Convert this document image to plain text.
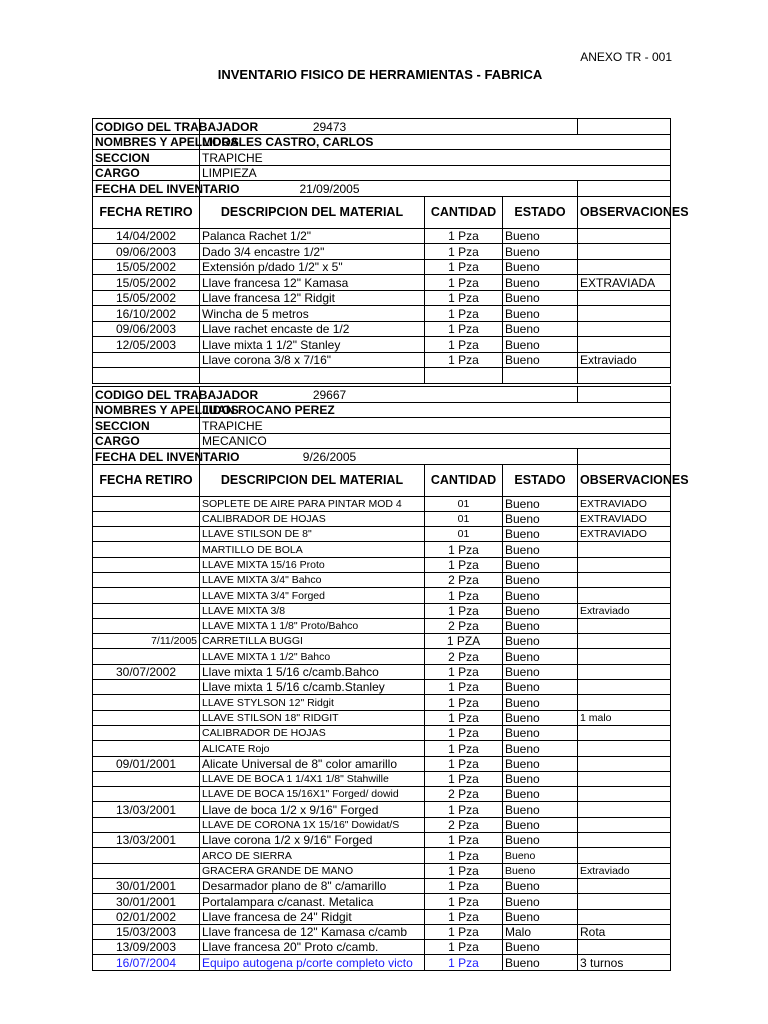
ANEXO TR - 001
INVENTARIO FISICO DE HERRAMIENTAS - FABRICA
CODIGO DEL TRABAJADOR	29473			
NOMBRES Y APELLIDOS	MORALES CASTRO, CARLOS			
SECCION	TRAPICHE			
CARGO	LIMPIEZA			
FECHA DEL INVENTARIO	21/09/2005			
FECHA RETIRO	DESCRIPCION DEL MATERIAL	CANTIDAD	ESTADO	OBSERVACIONES
14/04/2002	Palanca Rachet 1/2"	1 Pza	Bueno	
09/06/2003	Dado 3/4 encastre 1/2"	1 Pza	Bueno	
15/05/2002	Extensión p/dado 1/2" x 5"	1 Pza	Bueno	
15/05/2002	Llave francesa 12" Kamasa	1 Pza	Bueno	EXTRAVIADA
15/05/2002	Llave francesa 12" Ridgit	1 Pza	Bueno	
16/10/2002	Wincha de 5 metros	1 Pza	Bueno	
09/06/2003	Llave rachet encaste de 1/2	1 Pza	Bueno	
12/05/2003	Llave mixta 1 1/2" Stanley	1 Pza	Bueno	
	Llave corona 3/8 x 7/16"	1 Pza	Bueno	Extraviado

CODIGO DEL TRABAJADOR	29667			
NOMBRES Y APELLIDOS	JUAN ROCANO PEREZ			
SECCION	TRAPICHE			
CARGO	MECANICO			
FECHA DEL INVENTARIO	9/26/2005			
FECHA RETIRO	DESCRIPCION DEL MATERIAL	CANTIDAD	ESTADO	OBSERVACIONES
	SOPLETE DE AIRE PARA PINTAR MOD 4	01	Bueno	EXTRAVIADO
	CALIBRADOR DE HOJAS	01	Bueno	EXTRAVIADO
	LLAVE STILSON DE 8"	01	Bueno	EXTRAVIADO
	MARTILLO DE BOLA	1 Pza	Bueno	
	LLAVE MIXTA 15/16 Proto	1 Pza	Bueno	
	LLAVE MIXTA 3/4" Bahco	2 Pza	Bueno	
	LLAVE MIXTA 3/4" Forged	1 Pza	Bueno	
	LLAVE MIXTA 3/8	1 Pza	Bueno	Extraviado
	LLAVE MIXTA 1 1/8" Proto/Bahco	2 Pza	Bueno	
7/11/2005	CARRETILLA BUGGI	1 PZA	Bueno	
	LLAVE MIXTA 1 1/2" Bahco	2 Pza	Bueno	
30/07/2002	Llave mixta 1 5/16 c/camb.Bahco	1 Pza	Bueno	
	Llave mixta 1 5/16 c/camb.Stanley	1 Pza	Bueno	
	LLAVE STYLSON 12" Ridgit	1 Pza	Bueno	
	LLAVE STILSON 18" RIDGIT	1 Pza	Bueno	1 malo
	CALIBRADOR DE HOJAS	1 Pza	Bueno	
	ALICATE Rojo	1 Pza	Bueno	
09/01/2001	Alicate Universal de 8" color amarillo	1 Pza	Bueno	
	LLAVE DE BOCA 1 1/4X1 1/8" Stahwille	1 Pza	Bueno	
	LLAVE DE BOCA 15/16X1" Forged/ dowid	2 Pza	Bueno	
13/03/2001	Llave de boca 1/2 x 9/16" Forged	1 Pza	Bueno	
	LLAVE DE CORONA 1X 15/16" Dowidat/S	2 Pza	Bueno	
13/03/2001	Llave corona 1/2 x 9/16" Forged	1 Pza	Bueno	
	ARCO DE SIERRA	1 Pza	Bueno	
	GRACERA GRANDE DE MANO	1 Pza	Bueno	Extraviado
30/01/2001	Desarmador plano de 8" c/amarillo	1 Pza	Bueno	
30/01/2001	Portalampara c/canast. Metalica	1 Pza	Bueno	
02/01/2002	Llave francesa de 24" Ridgit	1 Pza	Bueno	
15/03/2003	Llave francesa de 12" Kamasa c/camb	1 Pza	Malo	Rota
13/09/2003	Llave francesa 20" Proto c/camb.	1 Pza	Bueno	
16/07/2004	Equipo autogena p/corte completo victo	1 Pza	Bueno	3 turnos
